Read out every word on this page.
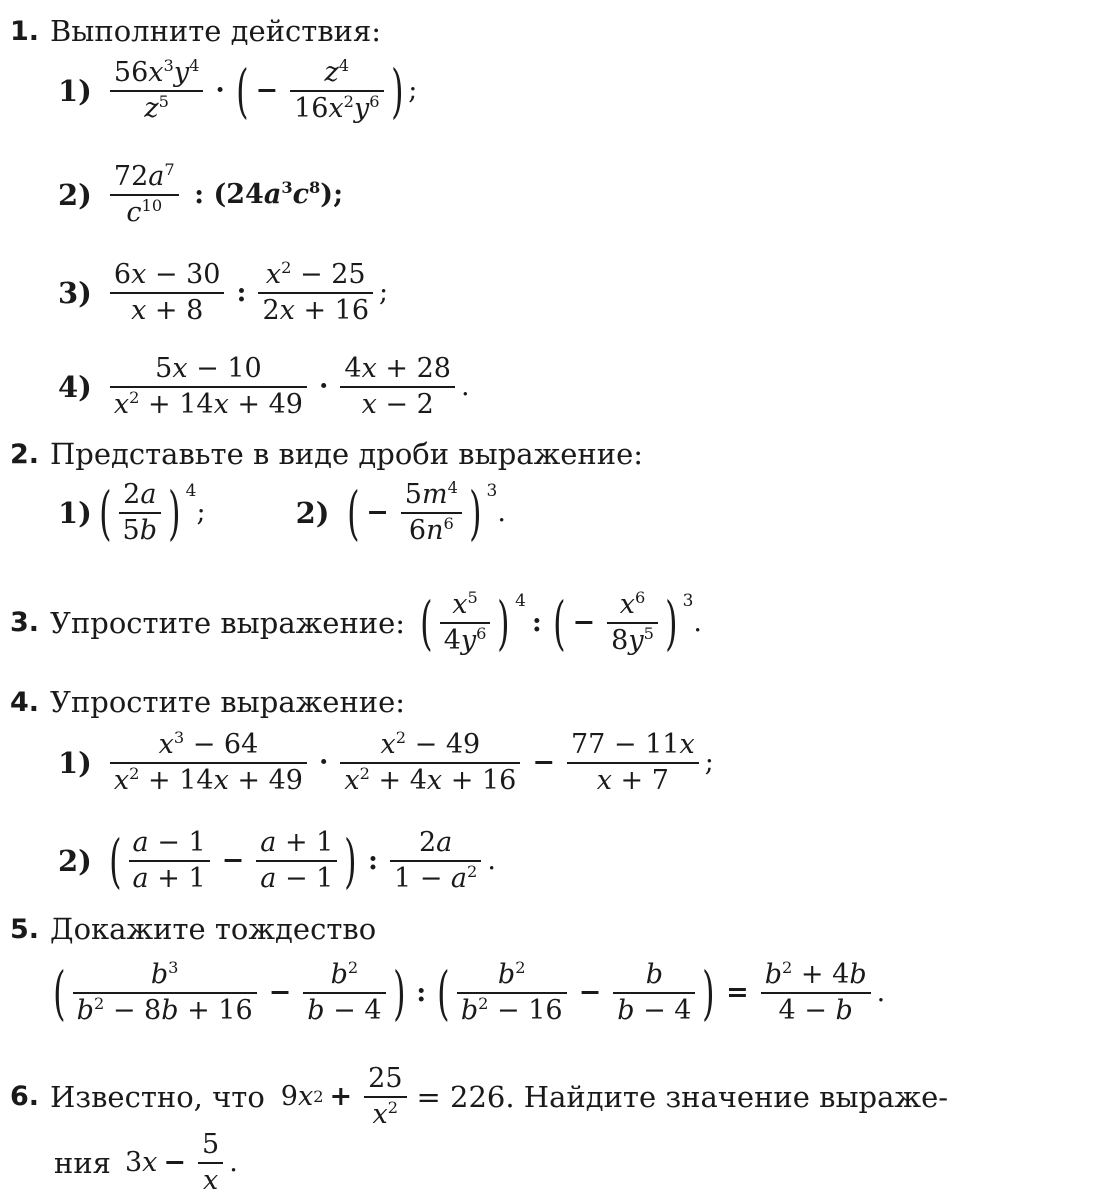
1. Выполните действия:
$1) \frac{56x^3y^4}{z^5}$ · ( − $\frac{z^4}{16x^2y^6}$ ) ;
$2) \frac{72a^7}{c^{10}}$ : $(24a^3c^8)$;
$3) \frac{6x - 30}{x + 8}$ : $\frac{x^2 - 25}{2x + 16}$ ;
$4) \frac{5x - 10}{x^2 + 14x + 49} \cdot \frac{4x + 28}{x - 2}$ .
2. Представьте в виде дроби выражение:
1) ( $\frac{2a}{5b}$ ) $^4$
;	2) ( − $\frac{5m^4}{6n^6}$ ) $^3$
.
3. Упростите выражение: ( $\frac{x^5}{4y^6}$ ) $^4$
: ( − $\frac{x^6}{8y^5}$ ) $^3$
.
4. Упростите выражение:
$1) \frac{x^3 - 64}{x^2 + 14x + 49} \cdot \frac{x^2 - 49}{x^2 + 4x + 16} - \frac{77 - 11x}{x + 7}$ ;
2) ( $\frac{a - 1}{a + 1} - \frac{a + 1}{a - 1}$ ) : $\frac{2a}{1 - a^2}$ .
5. Докажите тождество
( $\frac{b^3}{b^2 - 8b + 16} - \frac{b^2}{b - 4}$ ) : ( $\frac{b^2}{b^2 - 16} - \frac{b}{b - 4}$ ) = $\frac{b^2 + 4b}{4 - b}$ .
6. Известно, что 9 x $2 + \frac{25}{x^2} = 226$. Найдите значение выраже-
ния 3 $x - \frac{5}{x}$ .
